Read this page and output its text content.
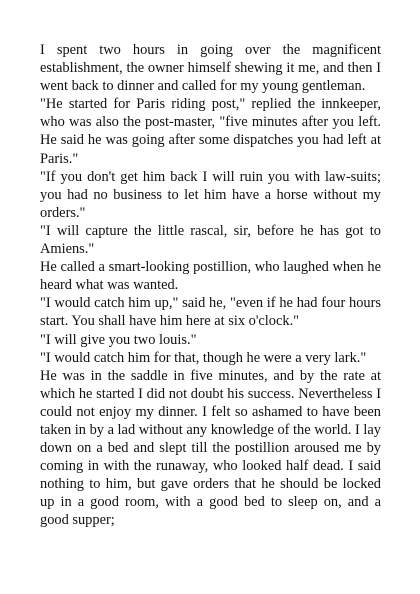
I spent two hours in going over the magnificent establishment, the owner himself shewing it me, and then I went back to dinner and called for my young gentleman.

"He started for Paris riding post," replied the innkeeper, who was also the post-master, "five minutes after you left. He said he was going after some dispatches you had left at Paris."

"If you don't get him back I will ruin you with law-suits; you had no business to let him have a horse without my orders."

"I will capture the little rascal, sir, before he has got to Amiens."

He called a smart-looking postillion, who laughed when he heard what was wanted.

"I would catch him up," said he, "even if he had four hours start. You shall have him here at six o'clock."

"I will give you two louis."

"I would catch him for that, though he were a very lark."

He was in the saddle in five minutes, and by the rate at which he started I did not doubt his success. Nevertheless I could not enjoy my dinner. I felt so ashamed to have been taken in by a lad without any knowledge of the world. I lay down on a bed and slept till the postillion aroused me by coming in with the runaway, who looked half dead. I said nothing to him, but gave orders that he should be locked up in a good room, with a good bed to sleep on, and a good supper;
